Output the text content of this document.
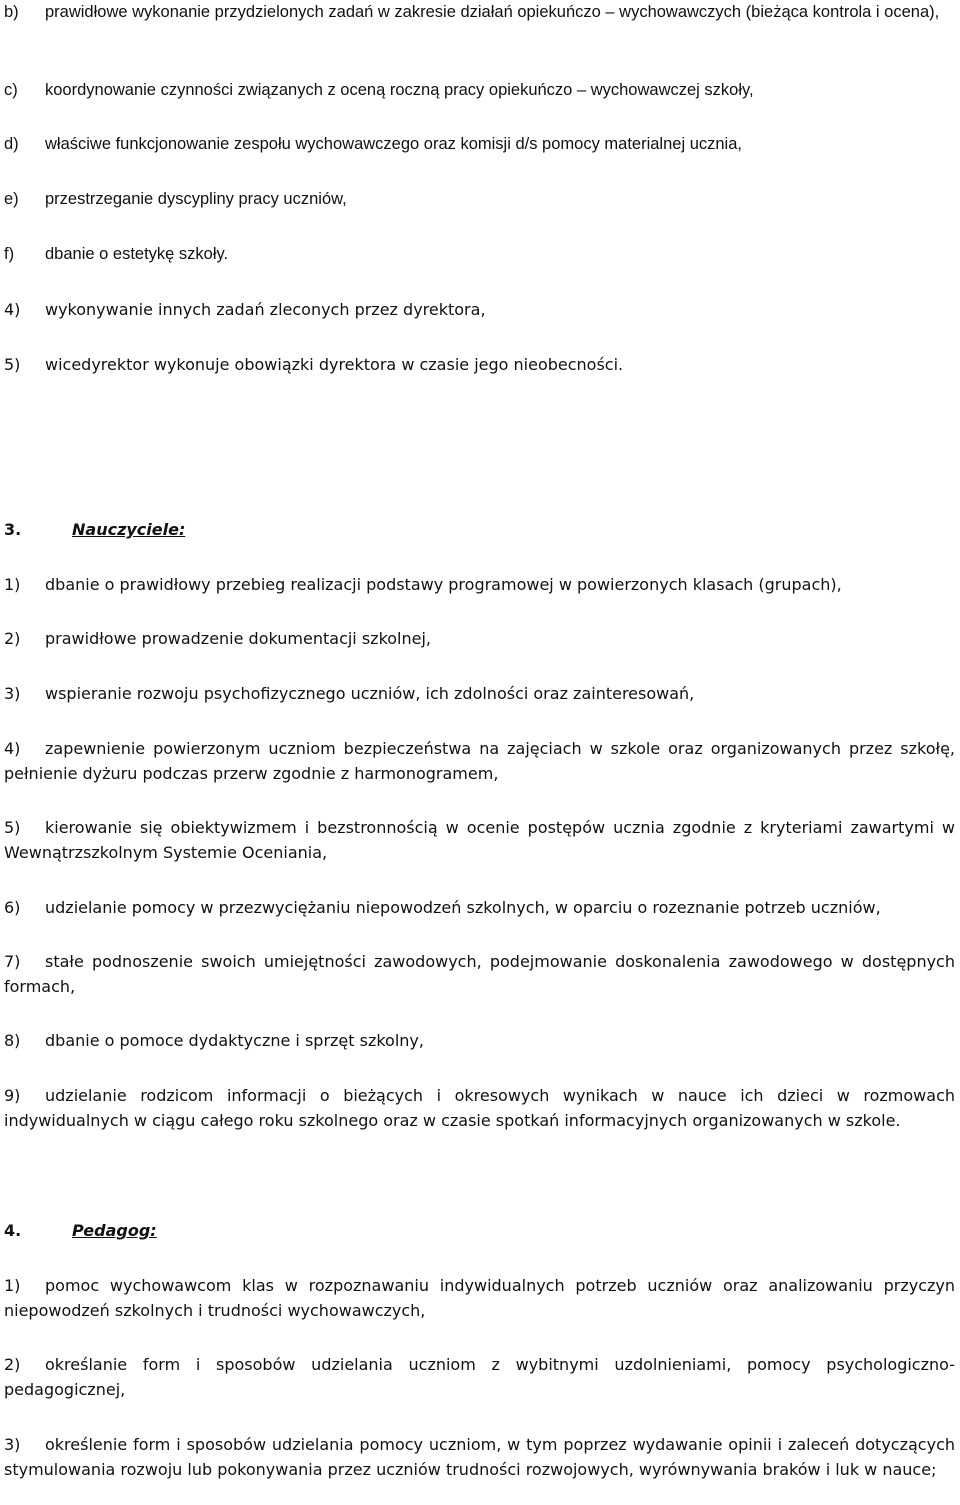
b) prawidłowe wykonanie przydzielonych zadań w zakresie działań opiekuńczo – wychowawczych (bieżąca kontrola i ocena),
c) koordynowanie czynności związanych z oceną roczną pracy opiekuńczo – wychowawczej szkoły,
d) właściwe funkcjonowanie zespołu wychowawczego oraz komisji d/s pomocy materialnej ucznia,
e) przestrzeganie dyscypliny pracy uczniów,
f) dbanie o estetykę szkoły.
4) wykonywanie innych zadań zleconych przez dyrektora,
5) wicedyrektor wykonuje obowiązki dyrektora w czasie jego nieobecności.
3.	Nauczyciele:
1) dbanie o prawidłowy przebieg realizacji podstawy programowej w powierzonych klasach (grupach),
2) prawidłowe prowadzenie dokumentacji szkolnej,
3) wspieranie rozwoju psychofizycznego uczniów, ich zdolności oraz zainteresowań,
4) zapewnienie powierzonym uczniom bezpieczeństwa na zajęciach w szkole oraz organizowanych przez szkołę, pełnienie dyżuru podczas przerw zgodnie z harmonogramem,
5) kierowanie się obiektywizmem i bezstronnością w ocenie postępów ucznia zgodnie z kryteriami zawartymi w Wewnątrzszkolnym Systemie Oceniania,
6) udzielanie pomocy w przezwyciężaniu niepowodzeń szkolnych, w oparciu o rozeznanie potrzeb uczniów,
7) stałe podnoszenie swoich umiejętności zawodowych, podejmowanie doskonalenia zawodowego w dostępnych formach,
8) dbanie o pomoce dydaktyczne i sprzęt szkolny,
9) udzielanie rodzicom informacji o bieżących i okresowych wynikach w nauce ich dzieci w rozmowach indywidualnych w ciągu całego roku szkolnego oraz w czasie spotkań informacyjnych organizowanych w szkole.
4.	Pedagog:
1) pomoc wychowawcom klas w rozpoznawaniu indywidualnych potrzeb uczniów oraz analizowaniu przyczyn niepowodzeń szkolnych i trudności wychowawczych,
2) określanie form i sposobów udzielania uczniom z wybitnymi uzdolnieniami, pomocy psychologiczno-pedagogicznej,
3) określenie form i sposobów udzielania pomocy uczniom, w tym poprzez wydawanie opinii i zaleceń dotyczących stymulowania rozwoju lub pokonywania przez uczniów trudności rozwojowych, wyrównywania braków i luk w nauce;
